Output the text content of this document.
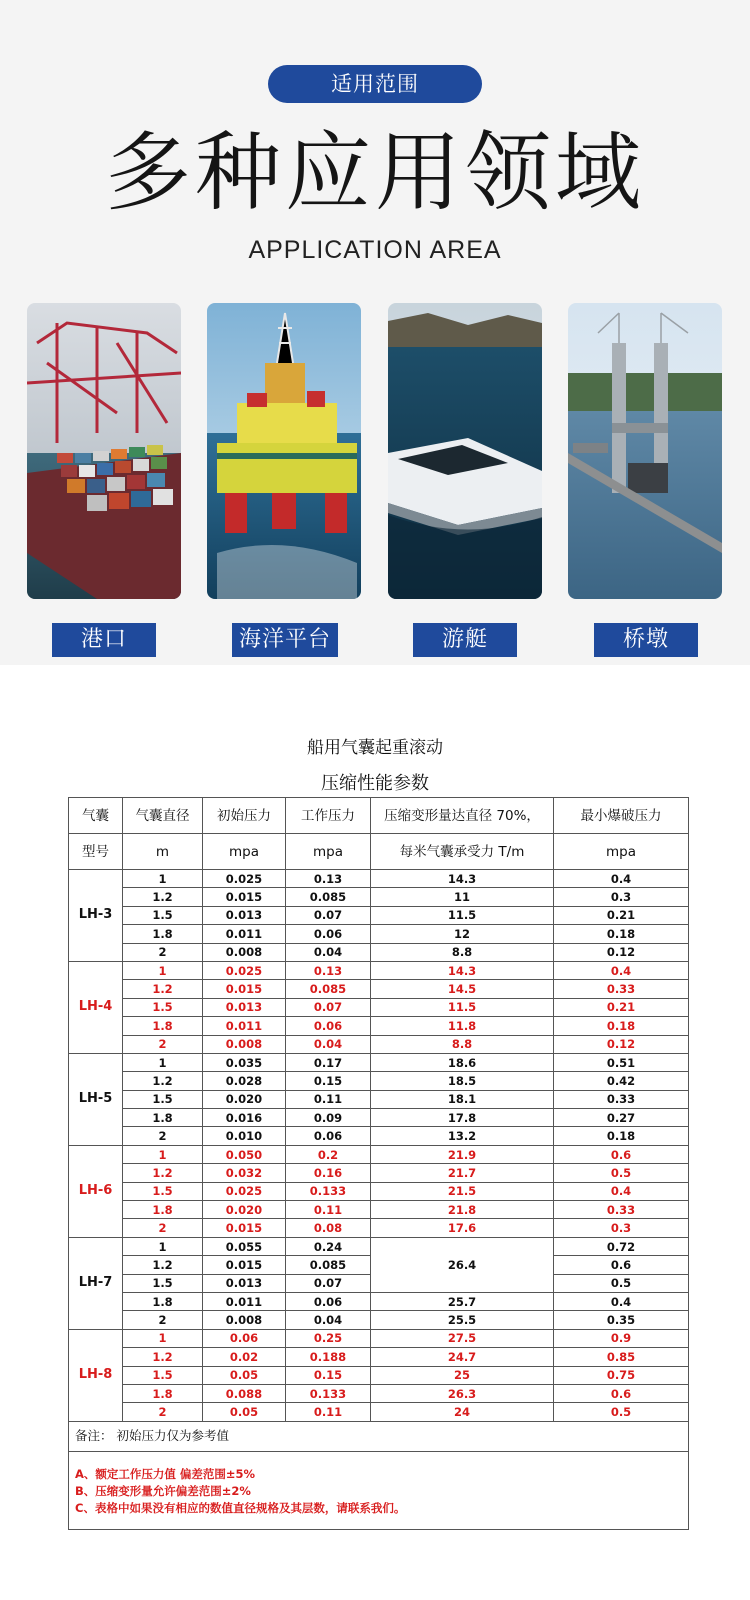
适用范围
多种应用领域
APPLICATION AREA
港口	海洋平台	游艇	桥墩
船用气囊起重滚动
压缩性能参数
气囊	气囊直径	初始压力	工作压力	压缩变形量达直径 70%，	最小爆破压力
型号	m	mpa	mpa	每米气囊承受力 T/m	mpa
LH-3	1	0.025	0.13	14.3	0.4
	1.2	0.015	0.085	11	0.3
	1.5	0.013	0.07	11.5	0.21
	1.8	0.011	0.06	12	0.18
	2	0.008	0.04	8.8	0.12
LH-4	1	0.025	0.13	14.3	0.4
	1.2	0.015	0.085	14.5	0.33
	1.5	0.013	0.07	11.5	0.21
	1.8	0.011	0.06	11.8	0.18
	2	0.008	0.04	8.8	0.12
LH-5	1	0.035	0.17	18.6	0.51
	1.2	0.028	0.15	18.5	0.42
	1.5	0.020	0.11	18.1	0.33
	1.8	0.016	0.09	17.8	0.27
	2	0.010	0.06	13.2	0.18
LH-6	1	0.050	0.2	21.9	0.6
	1.2	0.032	0.16	21.7	0.5
	1.5	0.025	0.133	21.5	0.4
	1.8	0.020	0.11	21.8	0.33
	2	0.015	0.08	17.6	0.3
LH-7	1	0.055	0.24	26.4	0.72
	1.2	0.015	0.085		0.6
	1.5	0.013	0.07		0.5
	1.8	0.011	0.06	25.7	0.4
	2	0.008	0.04	25.5	0.35
LH-8	1	0.06	0.25	27.5	0.9
	1.2	0.02	0.188	24.7	0.85
	1.5	0.05	0.15	25	0.75
	1.8	0.088	0.133	26.3	0.6
	2	0.05	0.11	24	0.5
备注： 初始压力仅为参考值					

A、额定工作压力值 偏差范围±5%
B、压缩变形量允许偏差范围±2%
C、表格中如果没有相应的数值直径规格及其层数，请联系我们。					
